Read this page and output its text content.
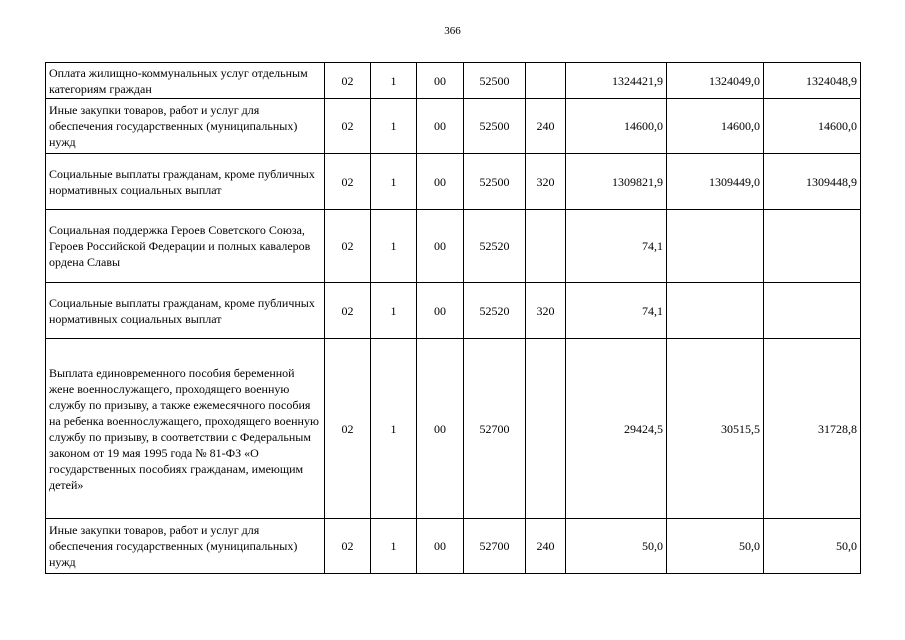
366
Оплата жилищно-коммунальных услуг отдельным категориям граждан	02	1	00	52500		1324421,9	1324049,0	1324048,9
Иные закупки товаров, работ и услуг для обеспечения государственных (муниципальных) нужд	02	1	00	52500	240	14600,0	14600,0	14600,0
Социальные выплаты гражданам, кроме публичных нормативных социальных выплат	02	1	00	52500	320	1309821,9	1309449,0	1309448,9
Социальная поддержка Героев Советского Союза, Героев Российской Федерации и полных кавалеров ордена Славы	02	1	00	52520		74,1		
Социальные выплаты гражданам, кроме публичных нормативных социальных выплат	02	1	00	52520	320	74,1		
Выплата единовременного пособия беременной жене военнослужащего, проходящего военную службу по призыву, а также ежемесячного пособия на ребенка военнослужащего, проходящего военную службу по призыву, в соответствии с Федеральным законом от 19 мая 1995 года № 81-ФЗ «О государственных пособиях гражданам, имеющим детей»	02	1	00	52700		29424,5	30515,5	31728,8
Иные закупки товаров, работ и услуг для обеспечения государственных (муниципальных) нужд	02	1	00	52700	240	50,0	50,0	50,0
